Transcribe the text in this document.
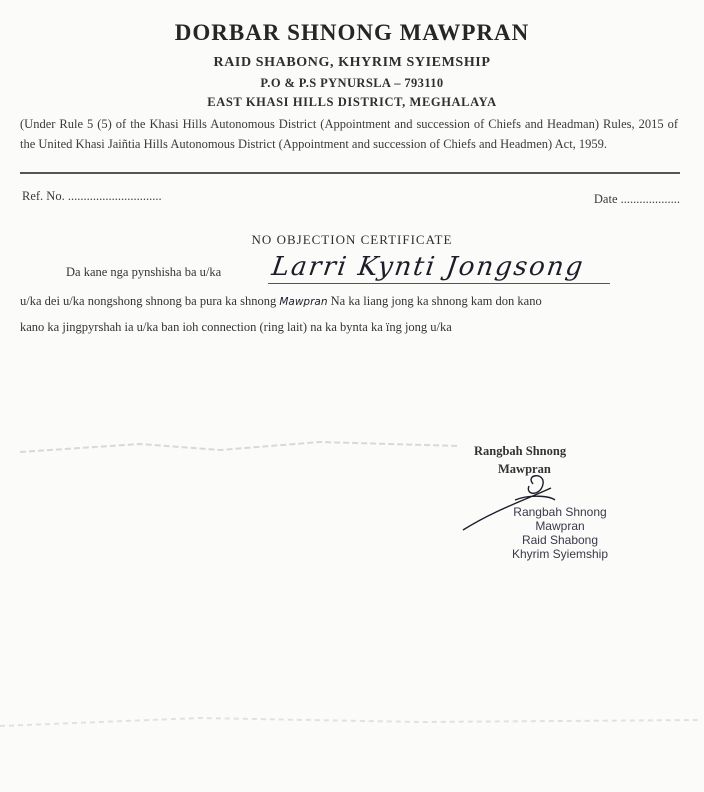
DORBAR SHNONG MAWPRAN
RAID SHABONG, KHYRIM SYIEMSHIP
P.O & P.S PYNURSLA – 793110
EAST KHASI HILLS DISTRICT, MEGHALAYA
(Under Rule 5 (5) of the Khasi Hills Autonomous District (Appointment and succession of Chiefs and Headman) Rules, 2015 of the United Khasi Jaiñtia Hills Autonomous District (Appointment and succession of Chiefs and Headmen) Act, 1959.
Ref. No. ..............................	Date ...................
NO OBJECTION CERTIFICATE
Da kane nga pynshisha ba u/ka Larri Kynti Jongsong
u/ka dei u/ka nongshong shnong ba pura ka shnong Mawpran Na ka liang jong ka shnong kam don kano
kano ka jingpyrshah ia u/ka ban ioh connection (ring lait) na ka bynta ka ïng jong u/ka
Rangbah Shnong
Mawpran
Rangbah Shnong
Mawpran
Raid Shabong
Khyrim Syiemship
